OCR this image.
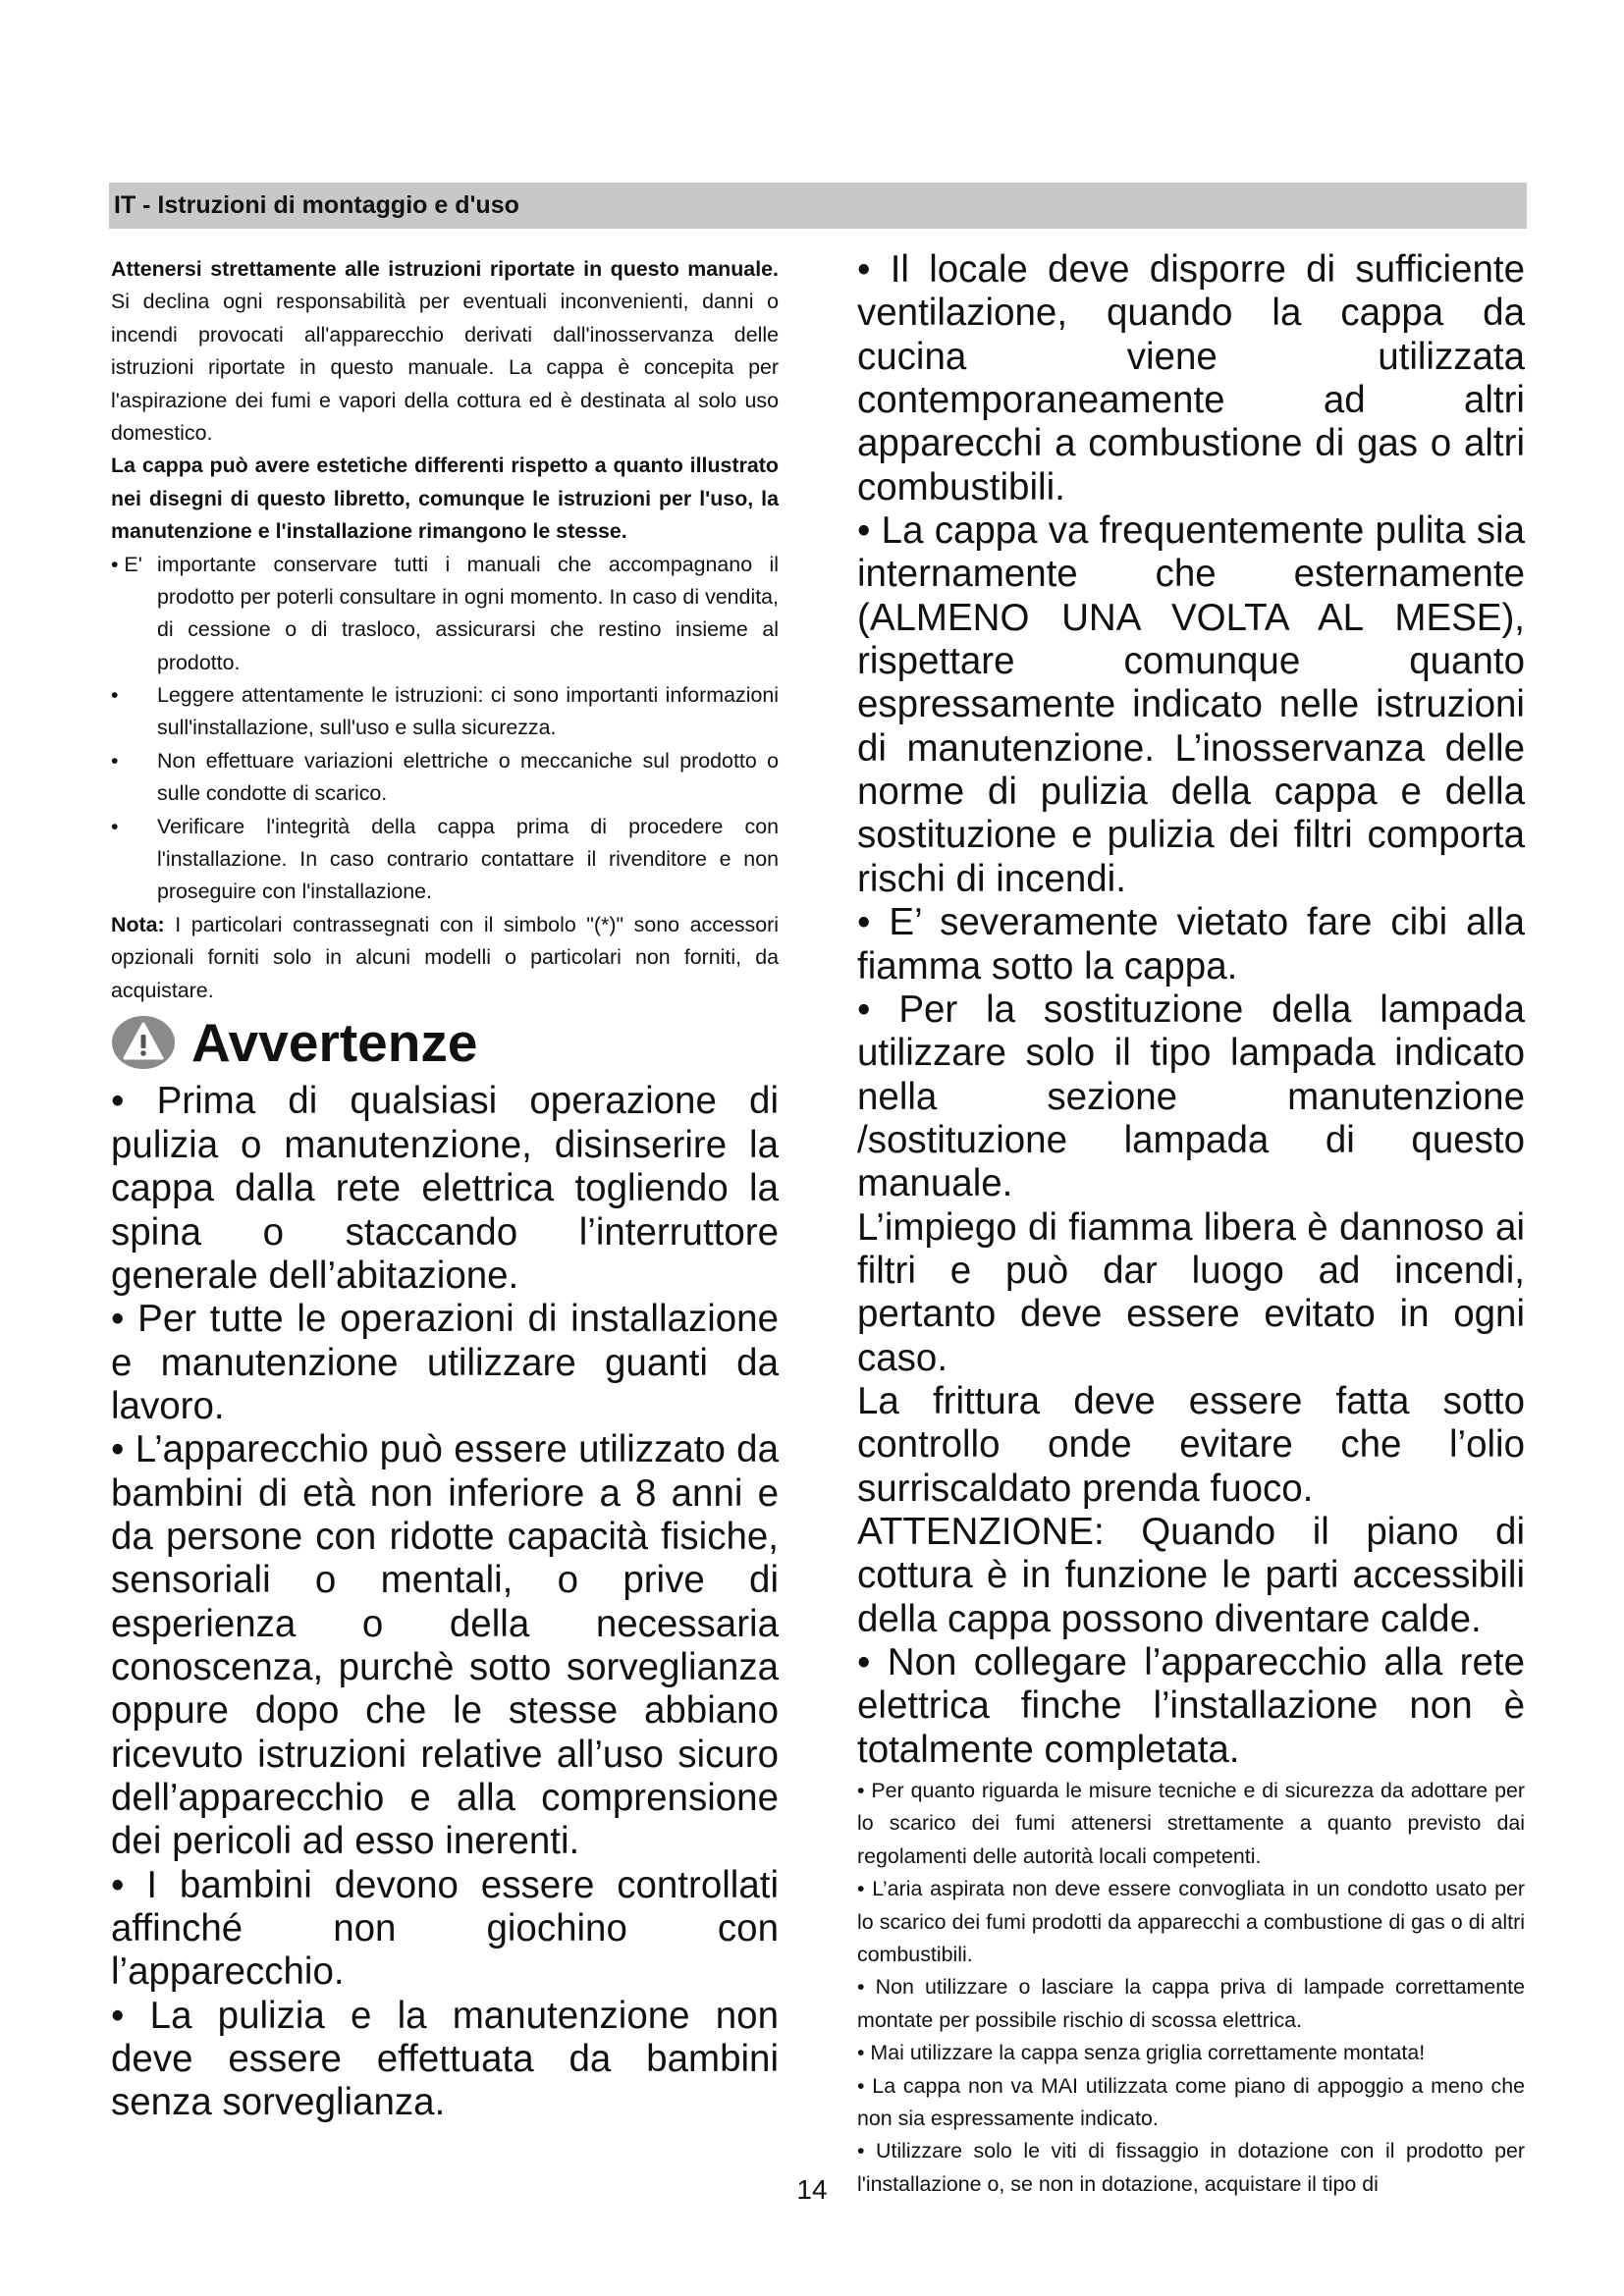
IT - Istruzioni di montaggio e d'uso

Attenersi strettamente alle istruzioni riportate in questo manuale. Si declina ogni responsabilità per eventuali inconvenienti, danni o incendi provocati all'apparecchio derivati dall'inosservanza delle istruzioni riportate in questo manuale. La cappa è concepita per l'aspirazione dei fumi e vapori della cottura ed è destinata al solo uso domestico.

La cappa può avere estetiche differenti rispetto a quanto illustrato nei disegni di questo libretto, comunque le istruzioni per l'uso, la manutenzione e l'installazione rimangono le stesse.

• E' importante conservare tutti i manuali che accompagnano il prodotto per poterli consultare in ogni momento. In caso di vendita, di cessione o di trasloco, assicurarsi che restino insieme al prodotto.

• Leggere attentamente le istruzioni: ci sono importanti informazioni sull'installazione, sull'uso e sulla sicurezza.

• Non effettuare variazioni elettriche o meccaniche sul prodotto o sulle condotte di scarico.

• Verificare l'integrità della cappa prima di procedere con l'installazione. In caso contrario contattare il rivenditore e non proseguire con l'installazione.

Nota: I particolari contrassegnati con il simbolo "(*)" sono accessori opzionali forniti solo in alcuni modelli o particolari non forniti, da acquistare.

Avvertenze

• Prima di qualsiasi operazione di pulizia o manutenzione, disinserire la cappa dalla rete elettrica togliendo la spina o staccando l’interruttore generale dell’abitazione.

• Per tutte le operazioni di installazione e manutenzione utilizzare guanti da lavoro.

• L’apparecchio può essere utilizzato da bambini di età non inferiore a 8 anni e da persone con ridotte capacità fisiche, sensoriali o mentali, o prive di esperienza o della necessaria conoscenza, purchè sotto sorveglianza oppure dopo che le stesse abbiano ricevuto istruzioni relative all’uso sicuro dell’apparecchio e alla comprensione dei pericoli ad esso inerenti.

• I bambini devono essere controllati affinché non giochino con l’apparecchio.

• La pulizia e la manutenzione non deve essere effettuata da bambini senza sorveglianza.

• Il locale deve disporre di sufficiente ventilazione, quando la cappa da cucina viene utilizzata contemporaneamente ad altri apparecchi a combustione di gas o altri combustibili.

• La cappa va frequentemente pulita sia internamente che esternamente (ALMENO UNA VOLTA AL MESE), rispettare comunque quanto espressamente indicato nelle istruzioni di manutenzione. L’inosservanza delle norme di pulizia della cappa e della sostituzione e pulizia dei filtri comporta rischi di incendi.

• E’ severamente vietato fare cibi alla fiamma sotto la cappa.

• Per la sostituzione della lampada utilizzare solo il tipo lampada indicato nella sezione manutenzione /sostituzione lampada di questo manuale.

L’impiego di fiamma libera è dannoso ai filtri e può dar luogo ad incendi, pertanto deve essere evitato in ogni caso.

La frittura deve essere fatta sotto controllo onde evitare che l’olio surriscaldato prenda fuoco.

ATTENZIONE: Quando il piano di cottura è in funzione le parti accessibili della cappa possono diventare calde.

• Non collegare l’apparecchio alla rete elettrica finche l’installazione non è totalmente completata.

• Per quanto riguarda le misure tecniche e di sicurezza da adottare per lo scarico dei fumi attenersi strettamente a quanto previsto dai regolamenti delle autorità locali competenti.

• L’aria aspirata non deve essere convogliata in un condotto usato per lo scarico dei fumi prodotti da apparecchi a combustione di gas o di altri combustibili.

• Non utilizzare o lasciare la cappa priva di lampade correttamente montate per possibile rischio di scossa elettrica.

• Mai utilizzare la cappa senza griglia correttamente montata!

• La cappa non va MAI utilizzata come piano di appoggio a meno che non sia espressamente indicato.

• Utilizzare solo le viti di fissaggio in dotazione con il prodotto per l'installazione o, se non in dotazione, acquistare il tipo di

14
